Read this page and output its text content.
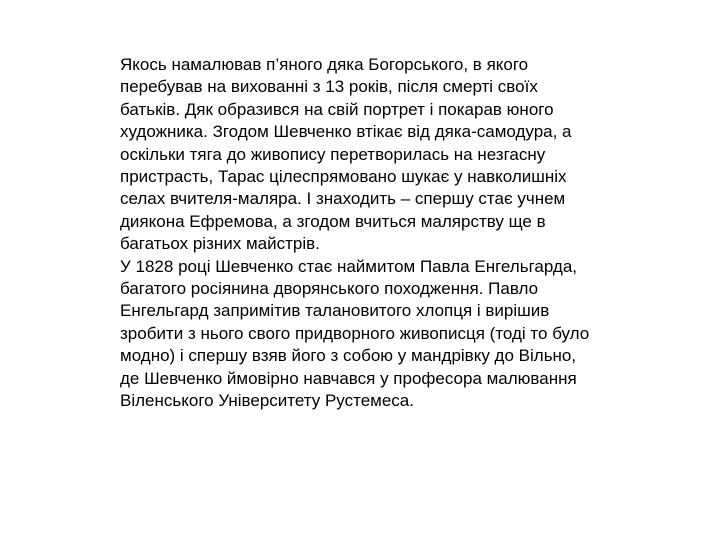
Якось намалював п’яного дяка Богорського, в якого
перебував на вихованні з 13 років, після смерті своїх
батьків. Дяк образився на свій портрет і покарав юного
художника. Згодом Шевченко втікає від дяка-самодура, а
оскільки тяга до живопису перетворилась на незгасну
пристрасть, Тарас цілеспрямовано шукає у навколишніх
селах вчителя-маляра. І знаходить – спершу стає учнем
диякона Ефремова, а згодом вчиться малярству ще в
багатьох різних майстрів.
У 1828 році Шевченко стає наймитом Павла Енгельгарда,
багатого росіянина дворянського походження. Павло
Енгельгард запримітив талановитого хлопця і вирішив
зробити з нього свого придворного живописця (тоді то було
модно) і спершу взяв його з собою у мандрівку до Вільно,
де Шевченко ймовірно навчався у професора малювання
Віленського Університету Рустемеса.
